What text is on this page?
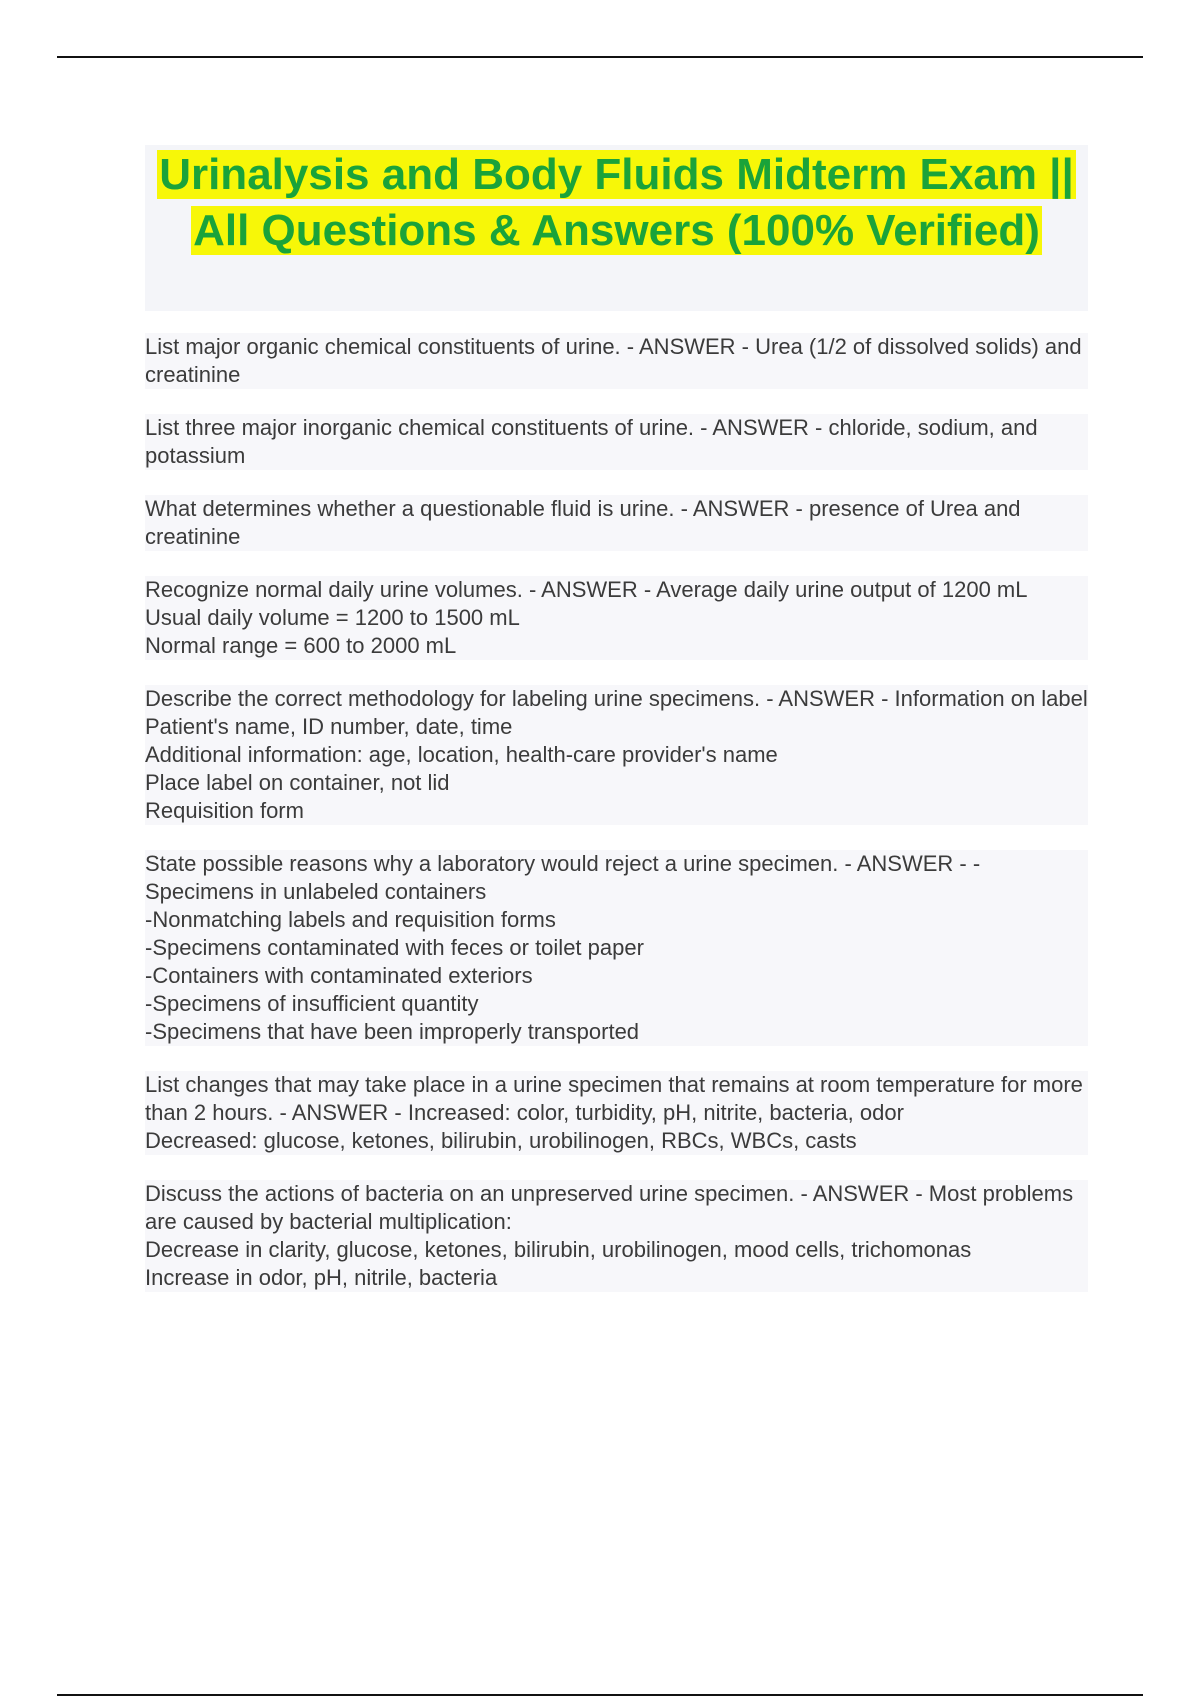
Urinalysis and Body Fluids Midterm Exam || All Questions & Answers (100% Verified)
List major organic chemical constituents of urine. - ANSWER - Urea (1/2 of dissolved solids) and creatinine
List three major inorganic chemical constituents of urine. - ANSWER - chloride, sodium, and potassium
What determines whether a questionable fluid is urine. - ANSWER - presence of Urea and creatinine
Recognize normal daily urine volumes. - ANSWER - Average daily urine output of 1200 mL
Usual daily volume = 1200 to 1500 mL
Normal range = 600 to 2000 mL
Describe the correct methodology for labeling urine specimens. - ANSWER - Information on label
Patient's name, ID number, date, time
Additional information: age, location, health-care provider's name
Place label on container, not lid
Requisition form
State possible reasons why a laboratory would reject a urine specimen. - ANSWER - -Specimens in unlabeled containers
-Nonmatching labels and requisition forms
-Specimens contaminated with feces or toilet paper
-Containers with contaminated exteriors
-Specimens of insufficient quantity
-Specimens that have been improperly transported
List changes that may take place in a urine specimen that remains at room temperature for more than 2 hours. - ANSWER - Increased: color, turbidity, pH, nitrite, bacteria, odor
Decreased: glucose, ketones, bilirubin, urobilinogen, RBCs, WBCs, casts
Discuss the actions of bacteria on an unpreserved urine specimen. - ANSWER - Most problems are caused by bacterial multiplication:
Decrease in clarity, glucose, ketones, bilirubin, urobilinogen, mood cells, trichomonas
Increase in odor, pH, nitrile, bacteria
